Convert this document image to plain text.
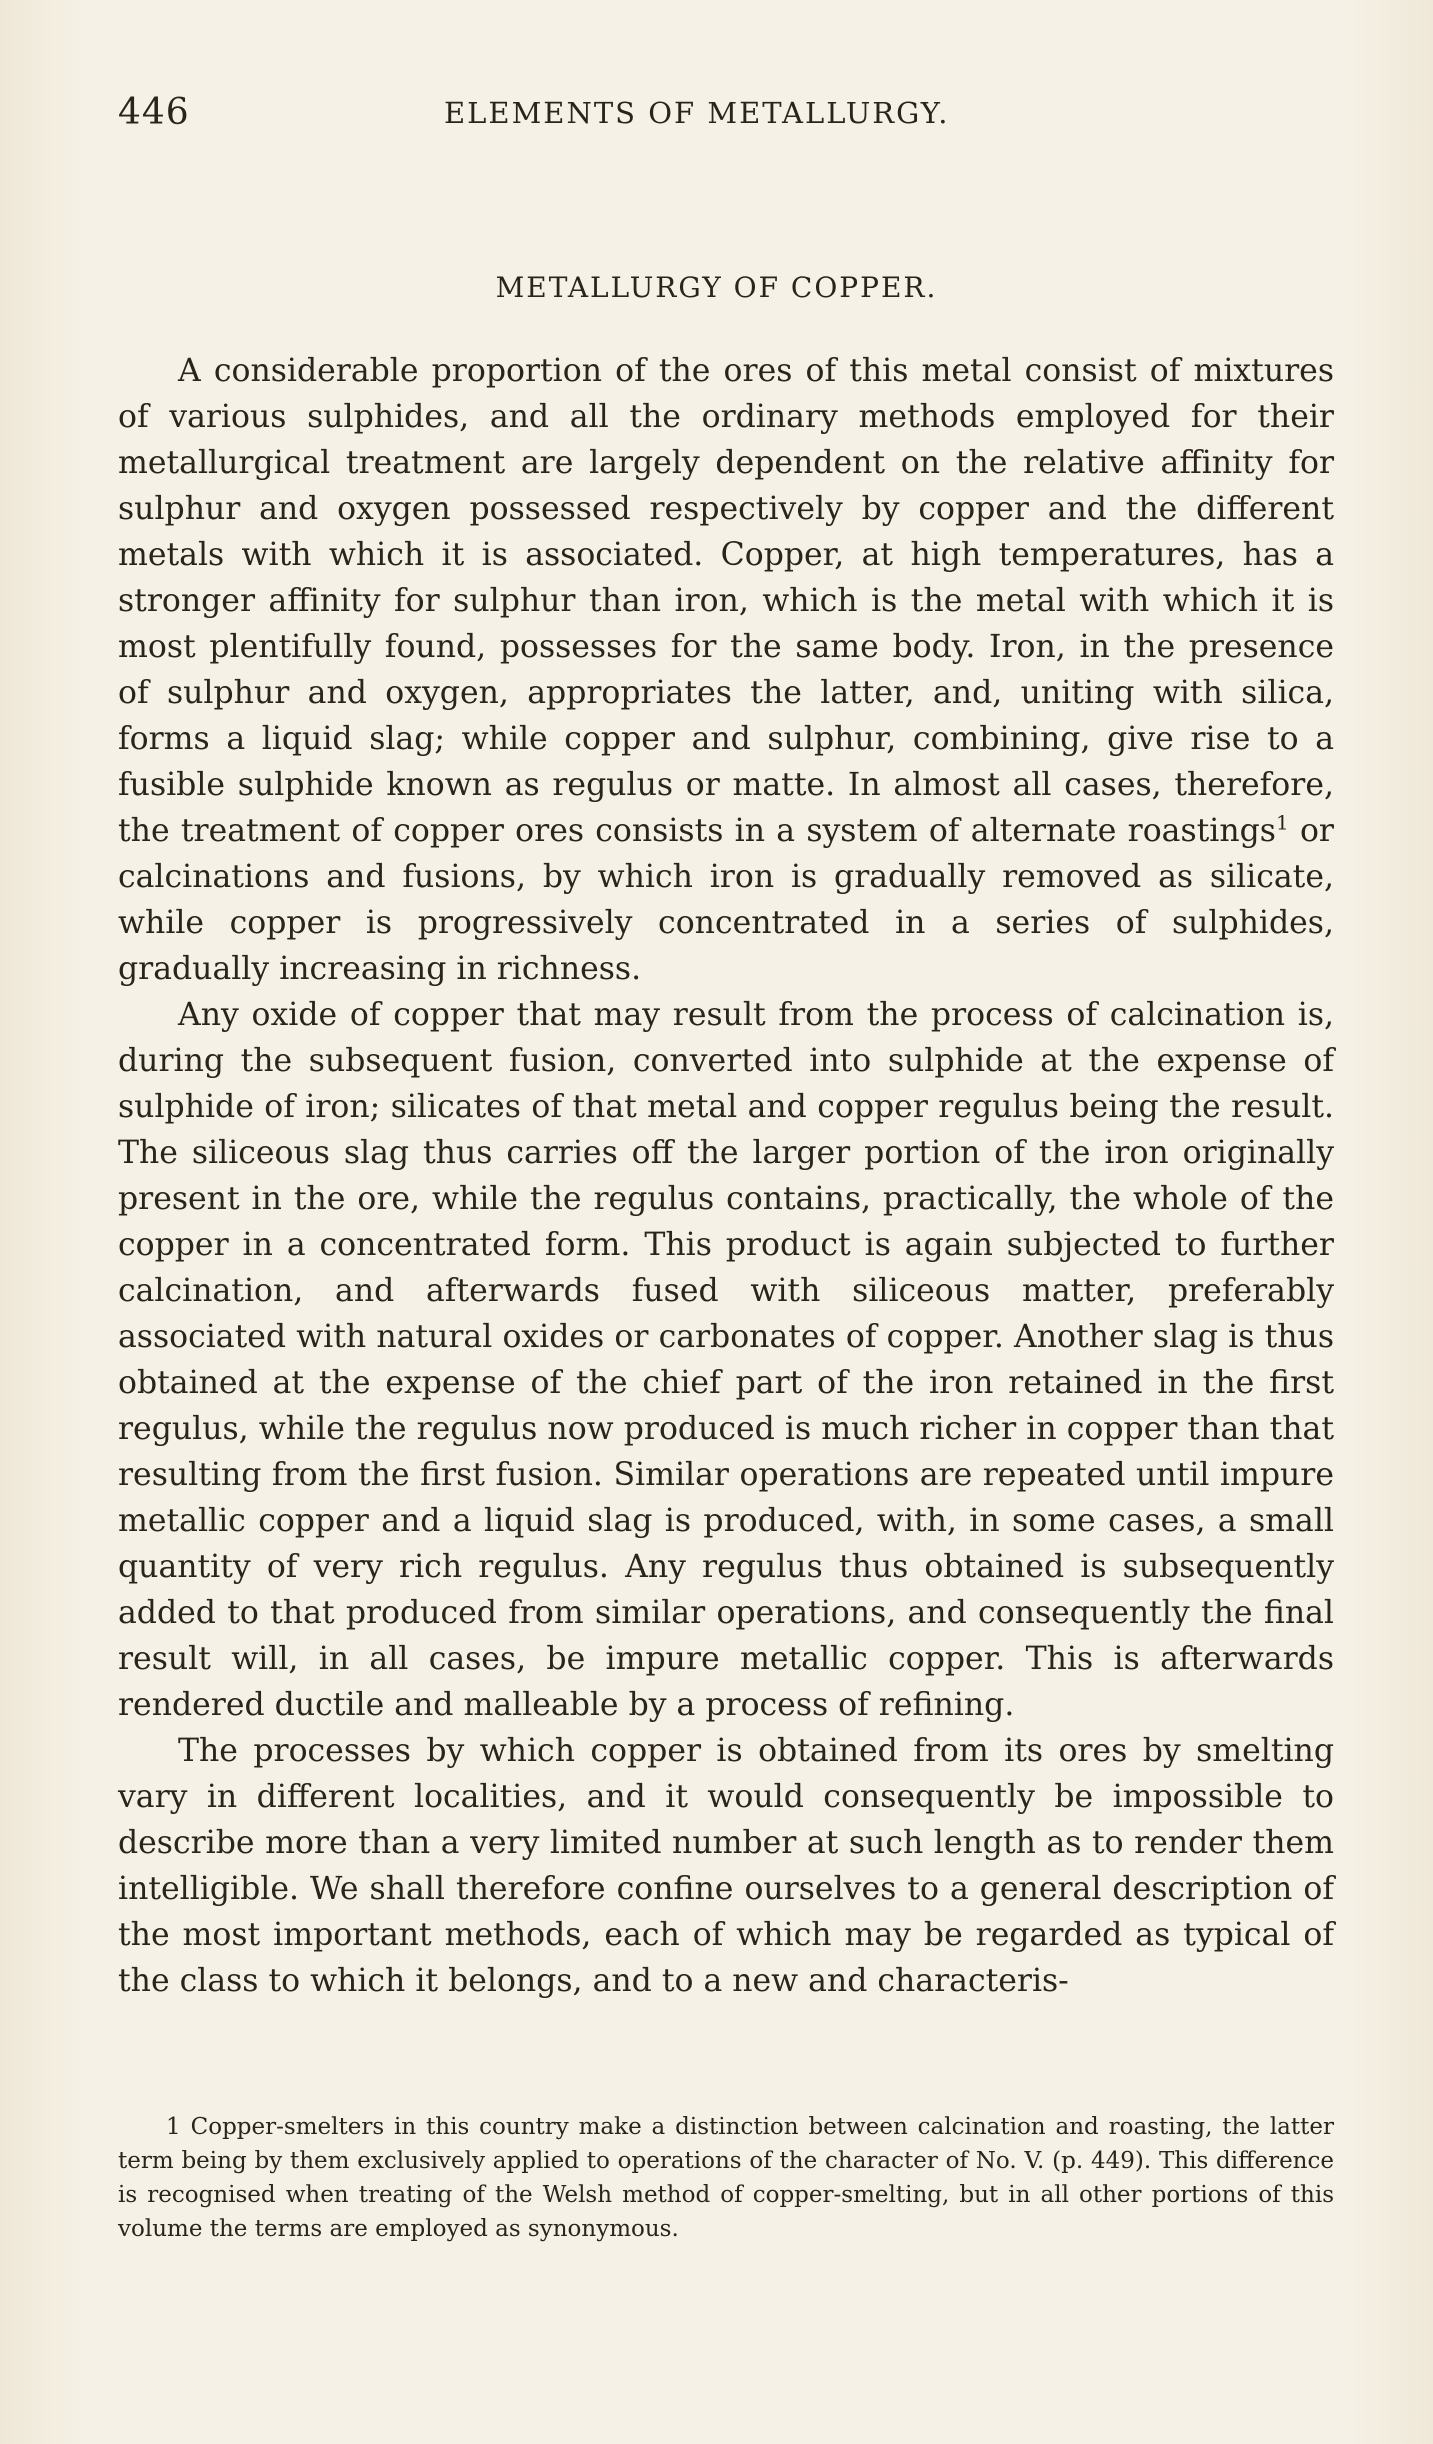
446	ELEMENTS OF METALLURGY.
METALLURGY OF COPPER.

A considerable proportion of the ores of this metal consist of mixtures of various sulphides, and all the ordinary methods employed for their metallurgical treatment are largely dependent on the relative affinity for sulphur and oxygen possessed respectively by copper and the different metals with which it is associated. Copper, at high temperatures, has a stronger affinity for sulphur than iron, which is the metal with which it is most plentifully found, possesses for the same body. Iron, in the presence of sulphur and oxygen, appropriates the latter, and, uniting with silica, forms a liquid slag; while copper and sulphur, combining, give rise to a fusible sulphide known as regulus or matte. In almost all cases, therefore, the treatment of copper ores consists in a system of alternate roastings$^1$ or calcinations and fusions, by which iron is gradually removed as silicate, while copper is progressively concentrated in a series of sulphides, gradually increasing in richness.

Any oxide of copper that may result from the process of calcination is, during the subsequent fusion, converted into sulphide at the expense of sulphide of iron; silicates of that metal and copper regulus being the result. The siliceous slag thus carries off the larger portion of the iron originally present in the ore, while the regulus contains, practically, the whole of the copper in a concentrated form. This product is again subjected to further calcination, and afterwards fused with siliceous matter, preferably associated with natural oxides or carbonates of copper. Another slag is thus obtained at the expense of the chief part of the iron retained in the first regulus, while the regulus now produced is much richer in copper than that resulting from the first fusion. Similar operations are repeated until impure metallic copper and a liquid slag is produced, with, in some cases, a small quantity of very rich regulus. Any regulus thus obtained is subsequently added to that produced from similar operations, and consequently the final result will, in all cases, be impure metallic copper. This is afterwards rendered ductile and malleable by a process of refining.

The processes by which copper is obtained from its ores by smelting vary in different localities, and it would consequently be impossible to describe more than a very limited number at such length as to render them intelligible. We shall therefore confine ourselves to a general description of the most important methods, each of which may be regarded as typical of the class to which it belongs, and to a new and characteris-

1 Copper-smelters in this country make a distinction between calcination and roasting, the latter term being by them exclusively applied to operations of the character of No. V. (p. 449). This difference is recognised when treating of the Welsh method of copper-smelting, but in all other portions of this volume the terms are employed as synonymous.
